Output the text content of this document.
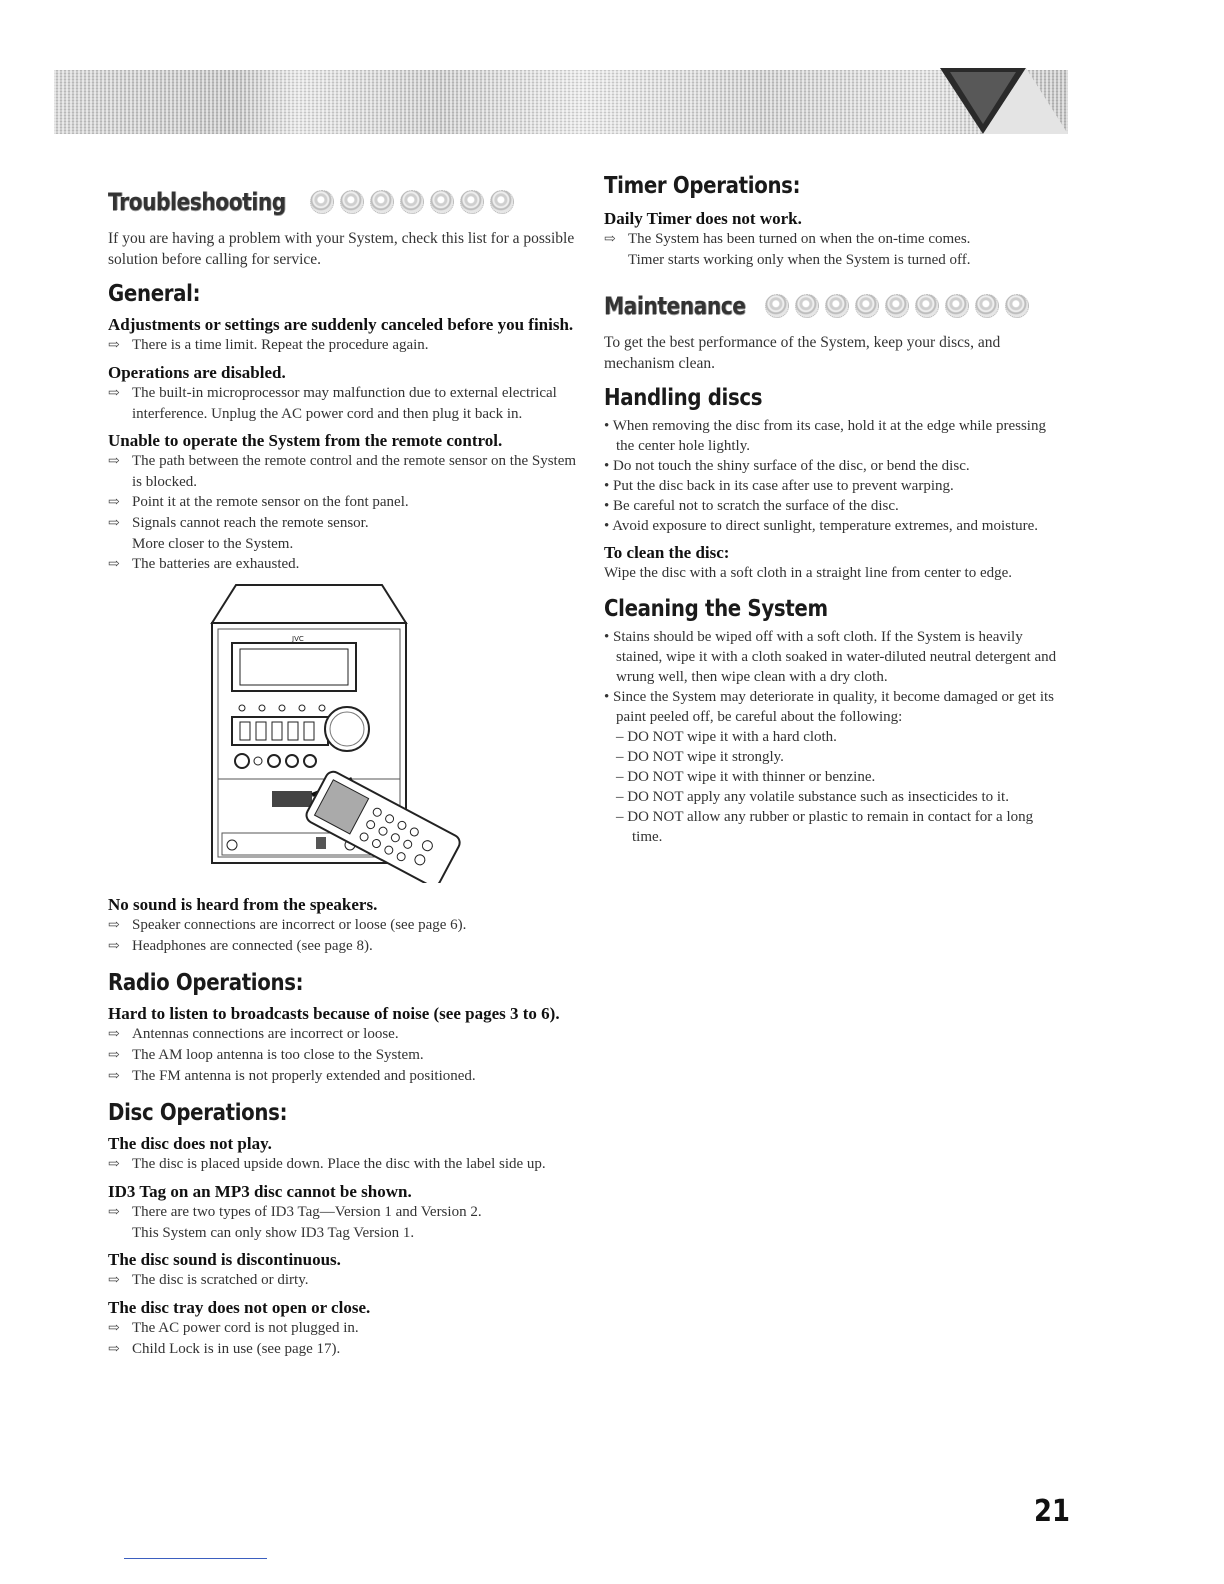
Troubleshooting

If you are having a problem with your System, check this list for a possible solution before calling for service.

General:
Adjustments or settings are suddenly canceled before you finish.
⇨ There is a time limit. Repeat the procedure again.
Operations are disabled.
⇨ The built-in microprocessor may malfunction due to external electrical interference. Unplug the AC power cord and then plug it back in.
Unable to operate the System from the remote control.
⇨ The path between the remote control and the remote sensor on the System is blocked.
⇨ Point it at the remote sensor on the font panel.
⇨ Signals cannot reach the remote sensor.
More closer to the System.
⇨ The batteries are exhausted.
JVC
No sound is heard from the speakers.
⇨ Speaker connections are incorrect or loose (see page 6).
⇨ Headphones are connected (see page 8).
Radio Operations:
Hard to listen to broadcasts because of noise (see pages 3 to 6).
⇨ Antennas connections are incorrect or loose.
⇨ The AM loop antenna is too close to the System.
⇨ The FM antenna is not properly extended and positioned.
Disc Operations:
The disc does not play.
⇨ The disc is placed upside down. Place the disc with the label side up.
ID3 Tag on an MP3 disc cannot be shown.
⇨ There are two types of ID3 Tag—Version 1 and Version 2.
This System can only show ID3 Tag Version 1.
The disc sound is discontinuous.
⇨ The disc is scratched or dirty.
The disc tray does not open or close.
⇨ The AC power cord is not plugged in.
⇨ Child Lock is in use (see page 17).
Timer Operations:
Daily Timer does not work.
⇨ The System has been turned on when the on-time comes.
Timer starts working only when the System is turned off.
Maintenance

To get the best performance of the System, keep your discs, and mechanism clean.

Handling discs
• When removing the disc from its case, hold it at the edge while pressing the center hole lightly.
• Do not touch the shiny surface of the disc, or bend the disc.
• Put the disc back in its case after use to prevent warping.
• Be careful not to scratch the surface of the disc.
• Avoid exposure to direct sunlight, temperature extremes, and moisture.
To clean the disc:
Wipe the disc with a soft cloth in a straight line from center to edge.
Cleaning the System
• Stains should be wiped off with a soft cloth. If the System is heavily stained, wipe it with a cloth soaked in water-diluted neutral detergent and wrung well, then wipe clean with a dry cloth.
• Since the System may deteriorate in quality, it become damaged or get its paint peeled off, be careful about the following:
– DO NOT wipe it with a hard cloth.
– DO NOT wipe it strongly.
– DO NOT wipe it with thinner or benzine.
– DO NOT apply any volatile substance such as insecticides to it.
– DO NOT allow any rubber or plastic to remain in contact for a long time.
21
